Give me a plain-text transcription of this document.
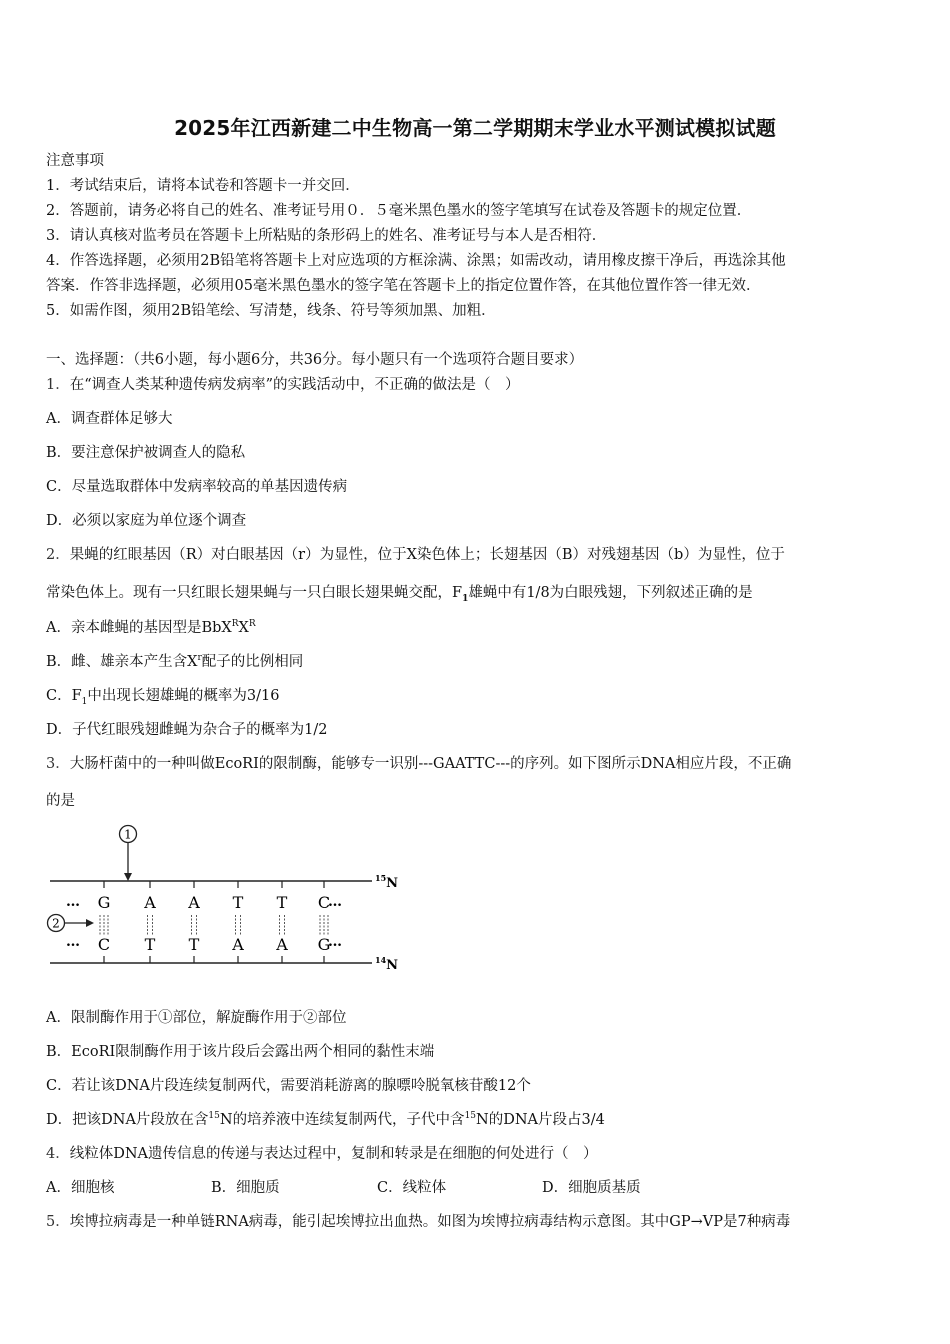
2025年江西新建二中生物高一第二学期期末学业水平测试模拟试题
注意事项
1．考试结束后，请将本试卷和答题卡一并交回．
2．答题前，请务必将自己的姓名、准考证号用０．５毫米黑色墨水的签字笔填写在试卷及答题卡的规定位置．
3．请认真核对监考员在答题卡上所粘贴的条形码上的姓名、准考证号与本人是否相符．
4．作答选择题，必须用2B铅笔将答题卡上对应选项的方框涂满、涂黑；如需改动，请用橡皮擦干净后，再选涂其他
答案．作答非选择题，必须用05毫米黑色墨水的签字笔在答题卡上的指定位置作答，在其他位置作答一律无效．
5．如需作图，须用2B铅笔绘、写清楚，线条、符号等须加黑、加粗．
一、选择题：（共6小题，每小题6分，共36分。每小题只有一个选项符合题目要求）
1．在“调查人类某种遗传病发病率”的实践活动中，不正确的做法是（　）
A．调查群体足够大
B．要注意保护被调查人的隐私
C．尽量选取群体中发病率较高的单基因遗传病
D．必须以家庭为单位逐个调查
2．果蝇的红眼基因（R）对白眼基因（r）为显性，位于X染色体上；长翅基因（B）对残翅基因（b）为显性，位于
常染色体上。现有一只红眼长翅果蝇与一只白眼长翅果蝇交配，$F_1$雄蝇中有1/8为白眼残翅，下列叙述正确的是
A．亲本雌蝇的基因型是$BbX^RX^R$
B．雌、雄亲本产生含$X^r$配子的比例相同
C．$F_1$中出现长翅雄蝇的概率为3/16
D．子代红眼残翅雌蝇为杂合子的概率为1/2
3．大肠杆菌中的一种叫做EcoRI的限制酶，能够专一识别---GAATTC---的序列。如下图所示DNA相应片段，不正确
的是
1
2
…
…
…
…
G
C
A
T
A
T
T
A
T
A
C
G
$^{15}$N
$^{14}$N
A．限制酶作用于①部位，解旋酶作用于②部位
B．EcoRI限制酶作用于该片段后会露出两个相同的黏性末端
C．若让该DNA片段连续复制两代，需要消耗游离的腺嘌呤脱氧核苷酸12个
D．把该DNA片段放在含$^{15}$N的培养液中连续复制两代，子代中含$^{15}$N的DNA片段占3/4
4．线粒体DNA遗传信息的传递与表达过程中，复制和转录是在细胞的何处进行（　）
A．细胞核	B．细胞质	C．线粒体	D．细胞质基质
5．埃博拉病毒是一种单链RNA病毒，能引起埃博拉出血热。如图为埃博拉病毒结构示意图。其中GP→VP是7种病毒
